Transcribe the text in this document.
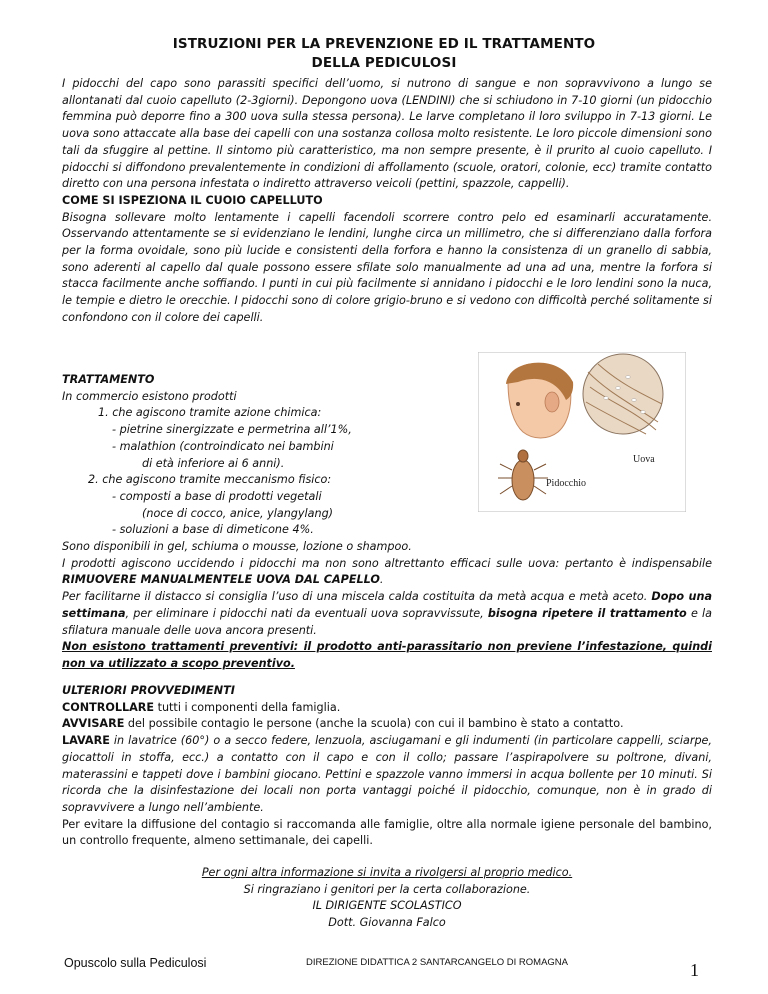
ISTRUZIONI PER LA PREVENZIONE ED IL TRATTAMENTO
DELLA PEDICULOSI

I pidocchi del capo sono parassiti specifici dell’uomo, si nutrono di sangue e non sopravvivono a lungo se allontanati dal cuoio capelluto (2-3giorni). Depongono uova (LENDINI) che si schiudono in 7-10 giorni (un pidocchio femmina può deporre fino a 300 uova sulla stessa persona). Le larve completano il loro sviluppo in 7-13 giorni. Le uova sono attaccate alla base dei capelli con una sostanza collosa molto resistente. Le loro piccole dimensioni sono tali da sfuggire al pettine. Il sintomo più caratteristico, ma non sempre presente, è il prurito al cuoio capelluto. I pidocchi si diffondono prevalentemente in condizioni di affollamento (scuole, oratori, colonie, ecc) tramite contatto diretto con una persona infestata o indiretto attraverso veicoli (pettini, spazzole, cappelli).

COME SI ISPEZIONA IL CUOIO CAPELLUTO

Bisogna sollevare molto lentamente i capelli facendoli scorrere contro pelo ed esaminarli accuratamente. Osservando attentamente se si evidenziano le lendini, lunghe circa un millimetro, che si differenziano dalla forfora per la forma ovoidale, sono più lucide e consistenti della forfora e hanno la consistenza di un granello di sabbia, sono aderenti al capello dal quale possono essere sfilate solo manualmente ad una ad una, mentre la forfora si stacca facilmente anche soffiando. I punti in cui più facilmente si annidano i pidocchi e le loro lendini sono la nuca, le tempie e dietro le orecchie. I pidocchi sono di colore grigio-bruno e si vedono con difficoltà perché solitamente si confondono con il colore dei capelli.

TRATTAMENTO

In commercio esistono prodotti

1. che agiscono tramite azione chimica:

- pietrine sinergizzate e permetrina all’1%,

- malathion (controindicato nei bambini

di età inferiore ai 6 anni).

2. che agiscono tramite meccanismo fisico:

- composti a base di prodotti vegetali

(noce di cocco, anice, ylangylang)

- soluzioni a base di dimeticone 4%.

Uova
Pidocchio

Sono disponibili in gel, schiuma o mousse, lozione o shampoo.

I prodotti agiscono uccidendo i pidocchi ma non sono altrettanto efficaci sulle uova: pertanto è indispensabile RIMUOVERE MANUALMENTELE UOVA DAL CAPELLO.

Per facilitarne il distacco si consiglia l’uso di una miscela calda costituita da metà acqua e metà aceto. Dopo una settimana, per eliminare i pidocchi nati da eventuali uova sopravvissute, bisogna ripetere il trattamento e la sfilatura manuale delle uova ancora presenti.

Non esistono trattamenti preventivi: il prodotto anti-parassitario non previene l’infestazione, quindi non va utilizzato a scopo preventivo.

ULTERIORI PROVVEDIMENTI

CONTROLLARE tutti i componenti della famiglia.

AVVISARE del possibile contagio le persone (anche la scuola) con cui il bambino è stato a contatto.

LAVARE in lavatrice (60°) o a secco federe, lenzuola, asciugamani e gli indumenti (in particolare cappelli, sciarpe, giocattoli in stoffa, ecc.) a contatto con il capo e con il collo; passare l’aspirapolvere su poltrone, divani, materassini e tappeti dove i bambini giocano. Pettini e spazzole vanno immersi in acqua bollente per 10 minuti. Si ricorda che la disinfestazione dei locali non porta vantaggi poiché il pidocchio, comunque, non è in grado di sopravvivere a lungo nell’ambiente.

Per evitare la diffusione del contagio si raccomanda alle famiglie, oltre alla normale igiene personale del bambino, un controllo frequente, almeno settimanale, dei capelli.

Per ogni altra informazione si invita a rivolgersi al proprio medico.

Si ringraziano i genitori per la certa collaborazione.

IL DIRIGENTE SCOLASTICO

Dott. Giovanna Falco

Opuscolo sulla Pediculosi	DIREZIONE DIDATTICA 2 SANTARCANGELO DI ROMAGNA	1
